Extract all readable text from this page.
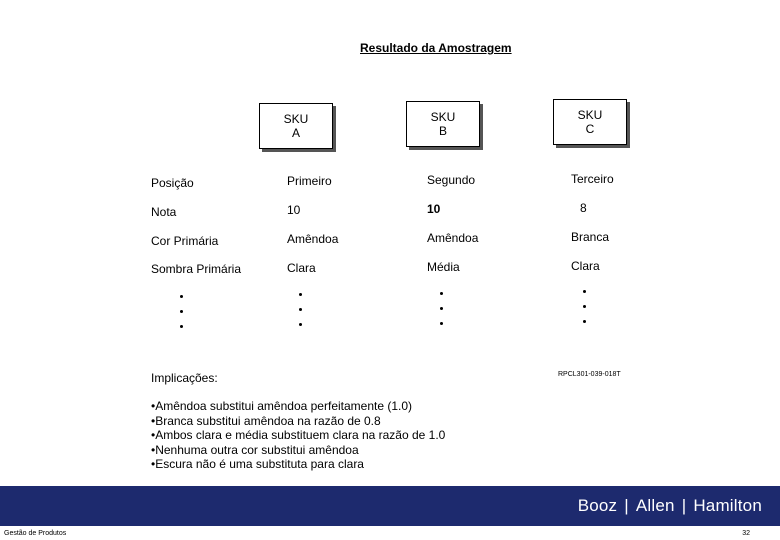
Resultado da Amostragem
SKU
A
SKU
B
SKU
C
Posição
Nota
Cor Primária
Sombra Primária
Primeiro
10
Amêndoa
Clara
Segundo
10
Amêndoa
Média
Terceiro
8
Branca
Clara
Implicações:	RPCL301-039-018T
• Amêndoa substitui amêndoa perfeitamente (1.0)
• Branca substitui amêndoa na razão de 0.8
• Ambos clara e média substituem clara na razão de 1.0
• Nenhuma outra cor substitui amêndoa
• Escura não é uma substituta para clara
Booz | Allen | Hamilton
Gestão de Produtos	32
